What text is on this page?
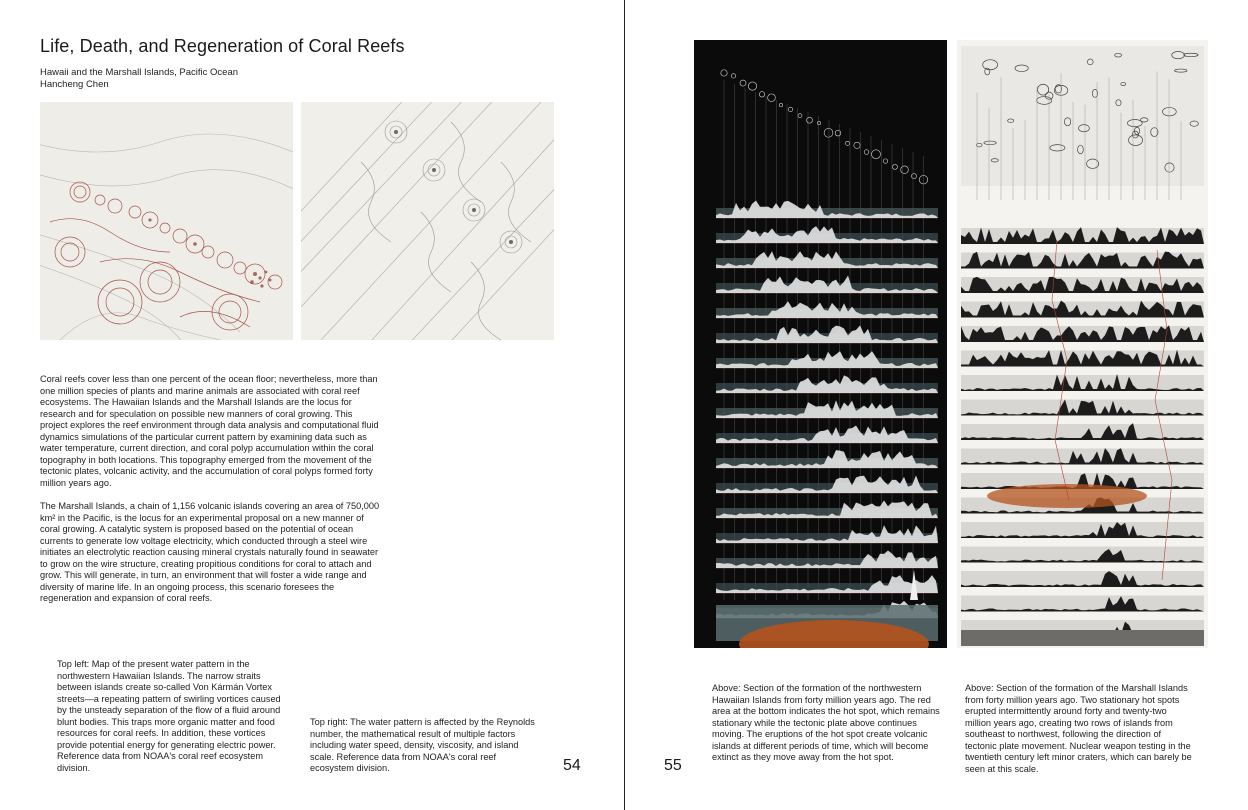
Life, Death, and Regeneration of Coral Reefs
Hawaii and the Marshall Islands, Pacific Ocean
Hancheng Chen

Coral reefs cover less than one percent of the ocean floor; nevertheless, more than one million species of plants and marine animals are associated with coral reef ecosystems. The Hawaiian Islands and the Marshall Islands are the locus for research and for speculation on possible new manners of coral growing. This project explores the reef environment through data analysis and computational fluid dynamics simulations of the particular current pattern by examining data such as water temperature, current direction, and coral polyp accumulation within the coral topography in both locations. This topography emerged from the movement of the tectonic plates, volcanic activity, and the accumulation of coral polyps formed forty million years ago.

The Marshall Islands, a chain of 1,156 volcanic islands covering an area of 750,000 km² in the Pacific, is the locus for an experimental proposal on a new manner of coral growing. A catalytic system is proposed based on the potential of ocean currents to generate low voltage electricity, which conducted through a steel wire initiates an electrolytic reaction causing mineral crystals naturally found in seawater to grow on the wire structure, creating propitious conditions for coral to attach and grow. This will generate, in turn, an environment that will foster a wide range and diversity of marine life. In an ongoing process, this scenario foresees the regeneration and expansion of coral reefs.

Top left: Map of the present water pattern in the northwestern Hawaiian Islands. The narrow straits between islands create so-called Von Kármán Vortex streets—a repeating pattern of swirling vortices caused by the unsteady separation of the flow of a fluid around blunt bodies. This traps more organic matter and food resources for coral reefs. In addition, these vortices provide potential energy for generating electric power. Reference data from NOAA's coral reef ecosystem division.

Top right: The water pattern is affected by the Reynolds number, the mathematical result of multiple factors including water speed, density, viscosity, and island scale. Reference data from NOAA's coral reef ecosystem division.	54

Above: Section of the formation of the northwestern Hawaiian Islands from forty million years ago. The red area at the bottom indicates the hot spot, which remains stationary while the tectonic plate above continues moving. The eruptions of the hot spot create volcanic islands at different periods of time, which will become extinct as they move away from the hot spot.

Above: Section of the formation of the Marshall Islands from forty million years ago. Two stationary hot spots erupted intermittently around forty and twenty-two million years ago, creating two rows of islands from southeast to northwest, following the direction of tectonic plate movement. Nuclear weapon testing in the twentieth century left minor craters, which can barely be seen at this scale.

55
